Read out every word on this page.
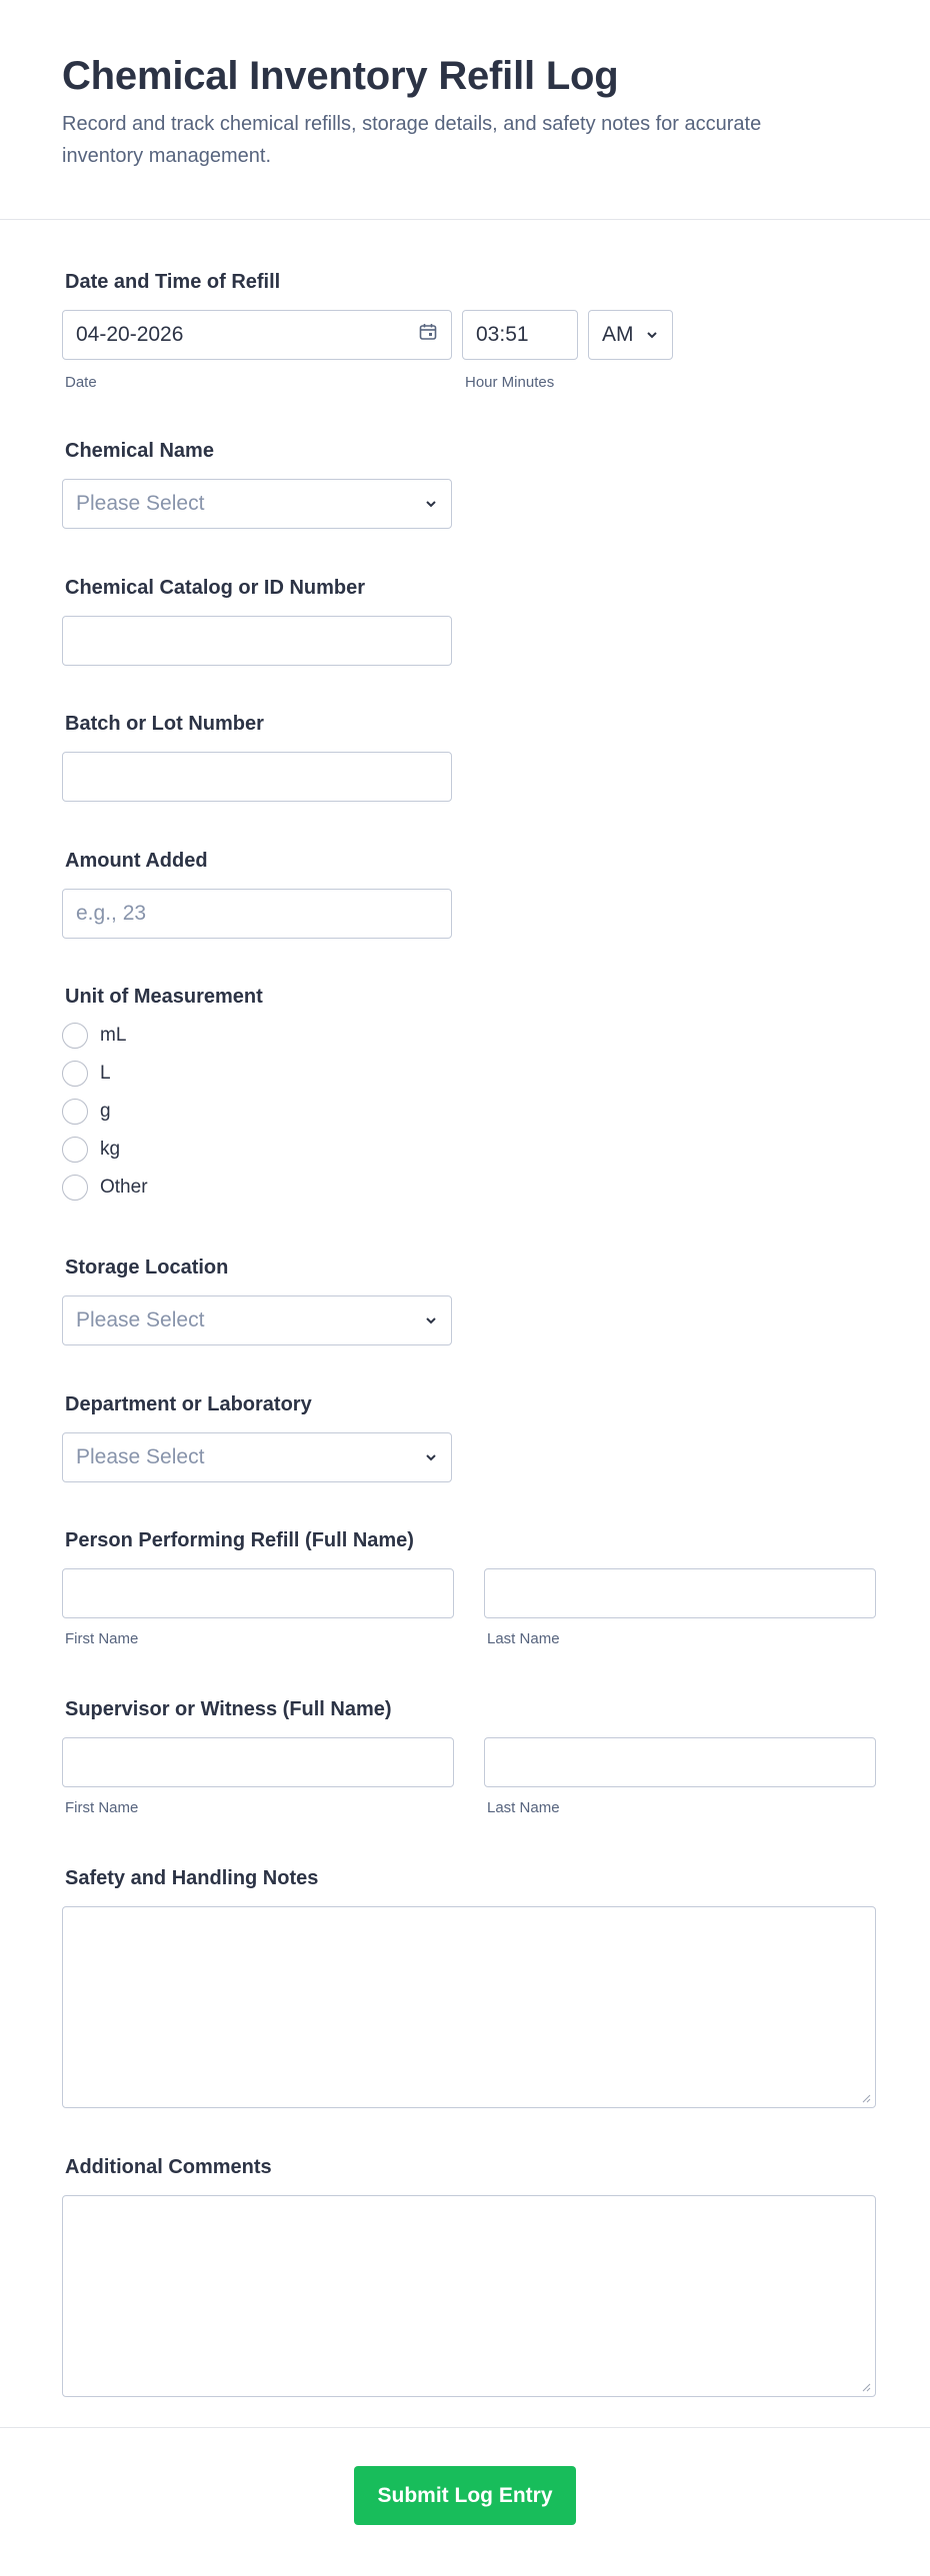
Chemical Inventory Refill Log

Record and track chemical refills, storage details, and safety notes for accurate inventory management.

Date and Time of Refill
04-20-2026
Date
03:51	AM
Hour Minutes
Chemical Name
Please Select
Chemical Catalog or ID Number
Batch or Lot Number
Amount Added
e.g., 23
Unit of Measurement
mL
L
g
kg
Other
Storage Location
Please Select
Department or Laboratory
Please Select
Person Performing Refill (Full Name)
First Name	Last Name
Supervisor or Witness (Full Name)
First Name	Last Name
Safety and Handling Notes
Additional Comments
Submit Log Entry
